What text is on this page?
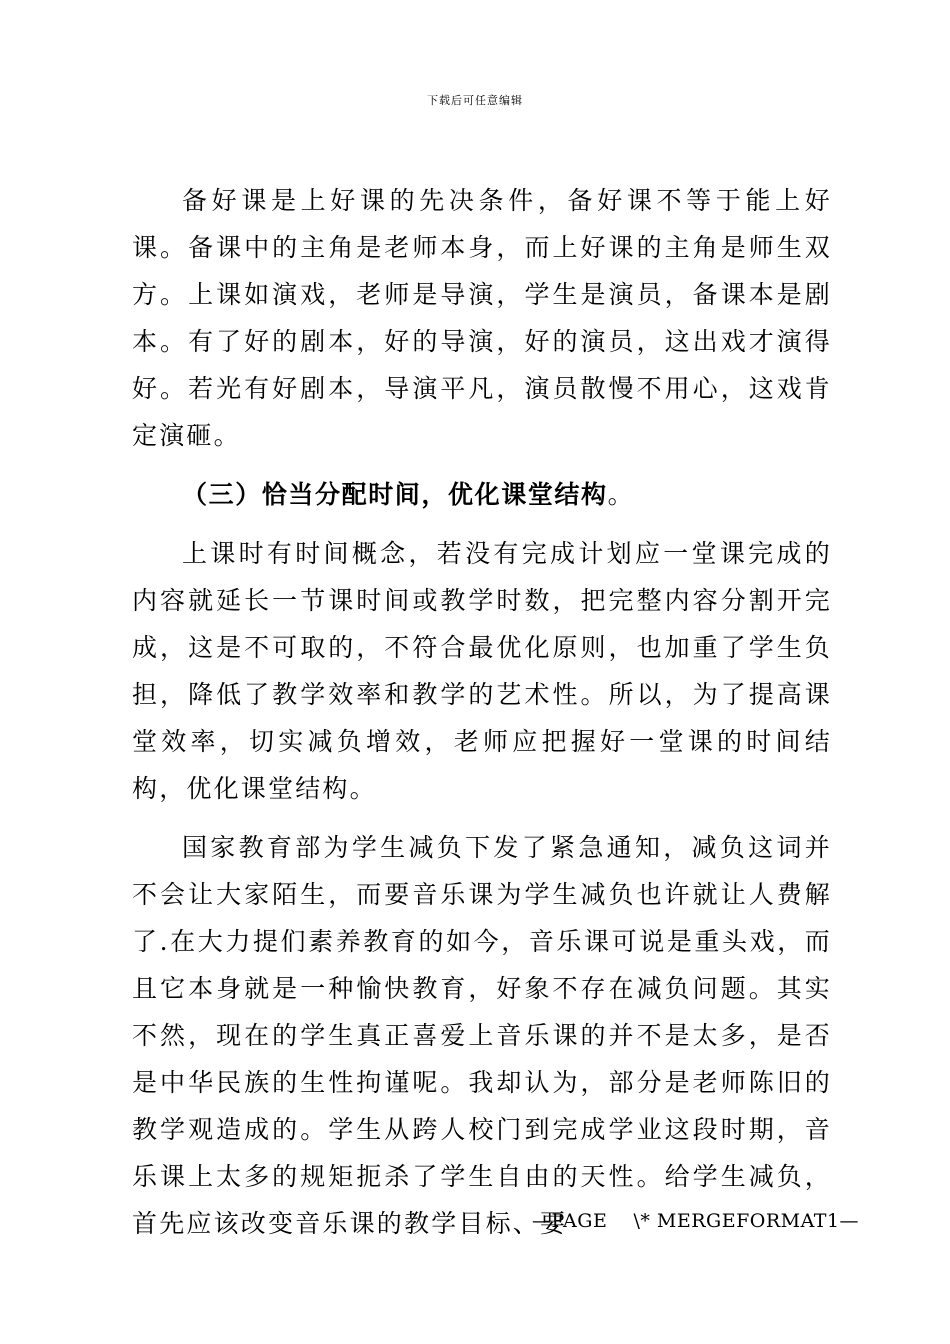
下载后可任意编辑

备好课是上好课的先决条件，备好课不等于能上好课。备课中的主角是老师本身，而上好课的主角是师生双方。上课如演戏，老师是导演，学生是演员，备课本是剧本。有了好的剧本，好的导演，好的演员，这出戏才演得好。若光有好剧本，导演平凡，演员散慢不用心，这戏肯定演砸。

（三）恰当分配时间，优化课堂结构。

上课时有时间概念，若没有完成计划应一堂课完成的内容就延长一节课时间或教学时数，把完整内容分割开完成，这是不可取的，不符合最优化原则，也加重了学生负担，降低了教学效率和教学的艺术性。所以，为了提高课堂效率，切实减负增效，老师应把握好一堂课的时间结构，优化课堂结构。

国家教育部为学生减负下发了紧急通知，减负这词并不会让大家陌生，而要音乐课为学生减负也许就让人费解了.在大力提们素养教育的如今，音乐课可说是重头戏，而且它本身就是一种愉快教育，好象不存在减负问题。其实不然，现在的学生真正喜爱上音乐课的并不是太多，是否是中华民族的生性拘谨呢。我却认为，部分是老师陈旧的教学观造成的。学生从跨人校门到完成学业这段时期，音乐课上太多的规矩扼杀了学生自由的天性。给学生减负，首先应该改变音乐课的教学目标、要

—PAGE    \* MERGEFORMAT1—
